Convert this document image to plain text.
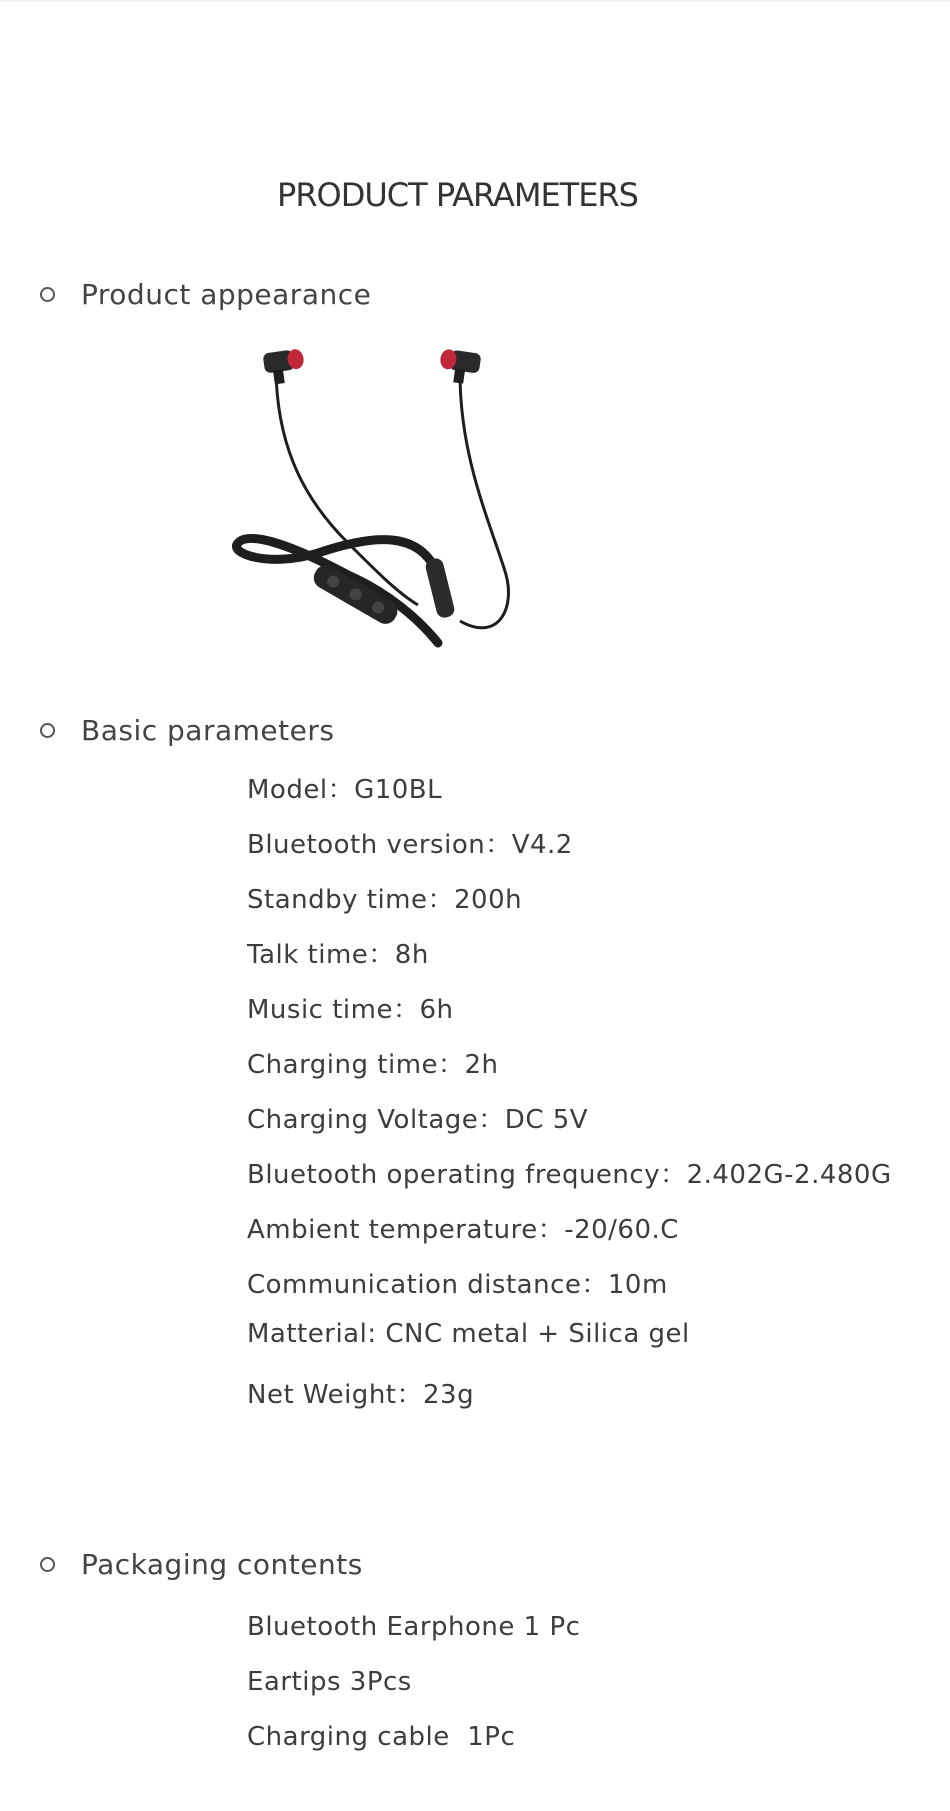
PRODUCT PARAMETERS
Product appearance
Basic parameters
Model：G10BL
Bluetooth version：V4.2
Standby time：200h
Talk time：8h
Music time：6h
Charging time：2h
Charging Voltage：DC 5V
Bluetooth operating frequency：2.402G-2.480G
Ambient temperature：-20/60.C
Communication distance：10m
Matterial: CNC metal + Silica gel
Net Weight：23g
Packaging contents
Bluetooth Earphone 1 Pc
Eartips 3Pcs
Charging cable  1Pc
